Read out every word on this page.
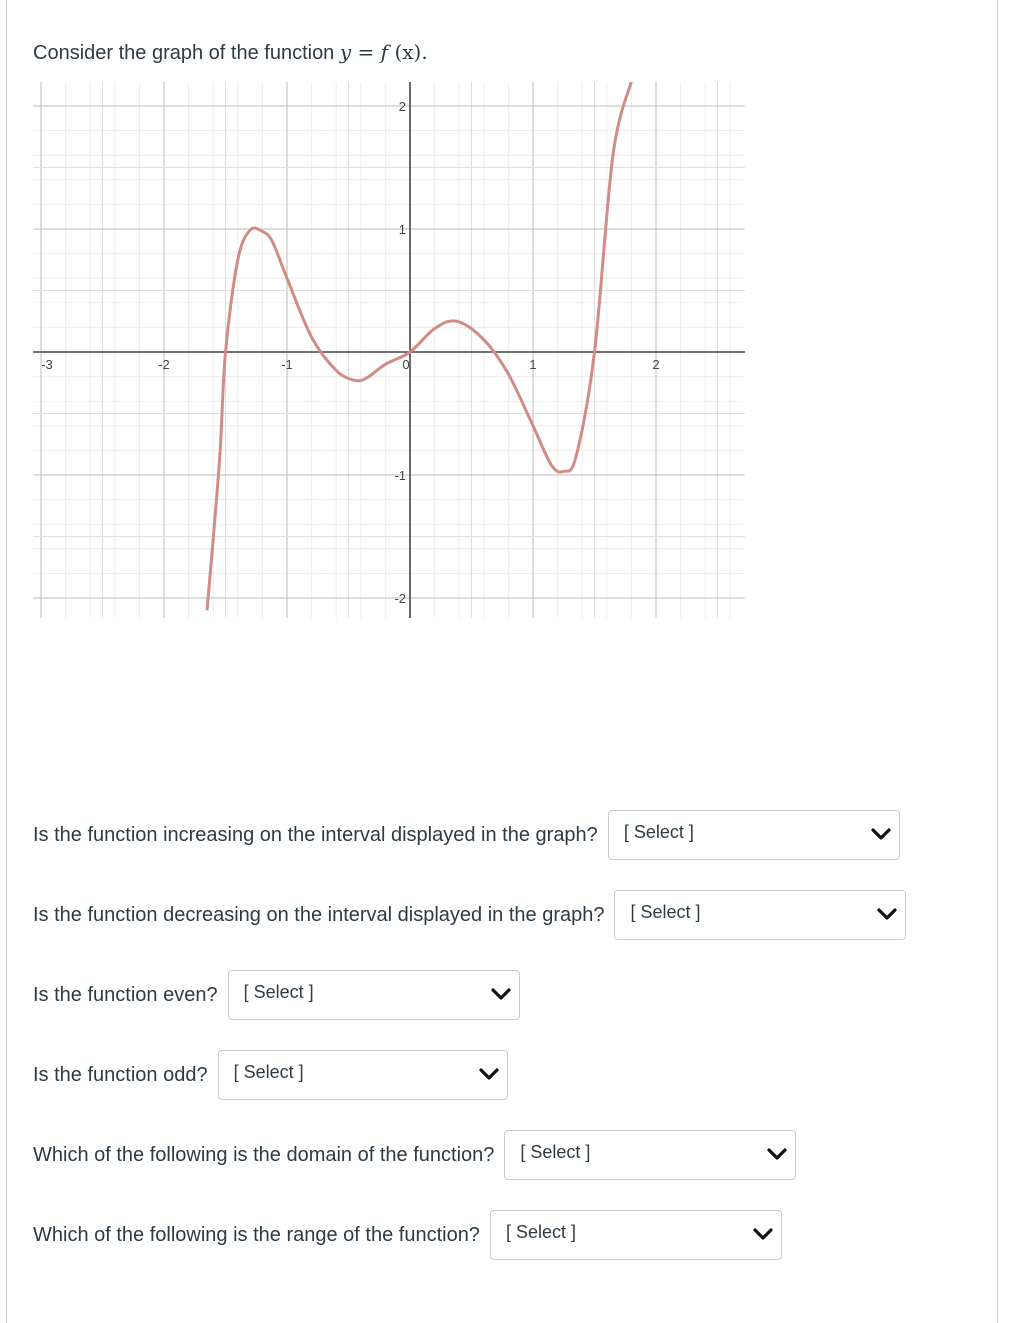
Consider the graph of the function y = f (x).
-3	-2	-1	0	1	2
2
1
-1
-2
Is the function increasing on the interval displayed in the graph? [ Select ]
Is the function decreasing on the interval displayed in the graph? [ Select ]
Is the function even? [ Select ]
Is the function odd? [ Select ]
Which of the following is the domain of the function? [ Select ]
Which of the following is the range of the function? [ Select ]
